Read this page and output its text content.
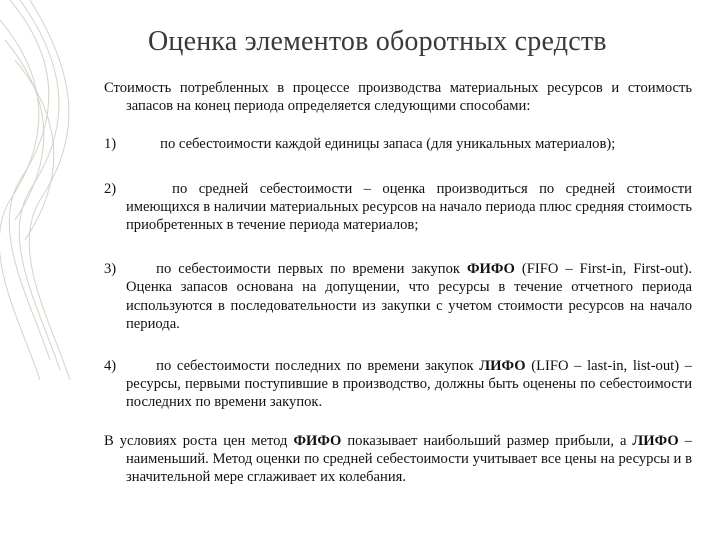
Оценка элементов оборотных средств
Стоимость потребленных в процессе производства материальных ресурсов и стоимость запасов на конец периода определяется следующими способами:
1)	по себестоимости каждой единицы запаса (для уникальных материалов);
2)	по средней себестоимости – оценка производиться по средней стоимости имеющихся в наличии материальных ресурсов на начало периода плюс средняя стоимость приобретенных в течение периода материалов;
3)	по себестоимости первых по времени закупок ФИФО (FIFO – First-in, First-out). Оценка запасов основана на допущении, что ресурсы в течение отчетного периода используются в последовательности из закупки с учетом стоимости ресурсов на начало периода.
4)	по себестоимости последних по времени закупок ЛИФО (LIFO – last-in, list-out) – ресурсы, первыми поступившие в производство, должны быть оценены по себестоимости последних по времени закупок.
В условиях роста цен метод ФИФО показывает наибольший размер прибыли, а ЛИФО – наименьший. Метод оценки по средней себестоимости учитывает все цены на ресурсы и в значительной мере сглаживает их колебания.
